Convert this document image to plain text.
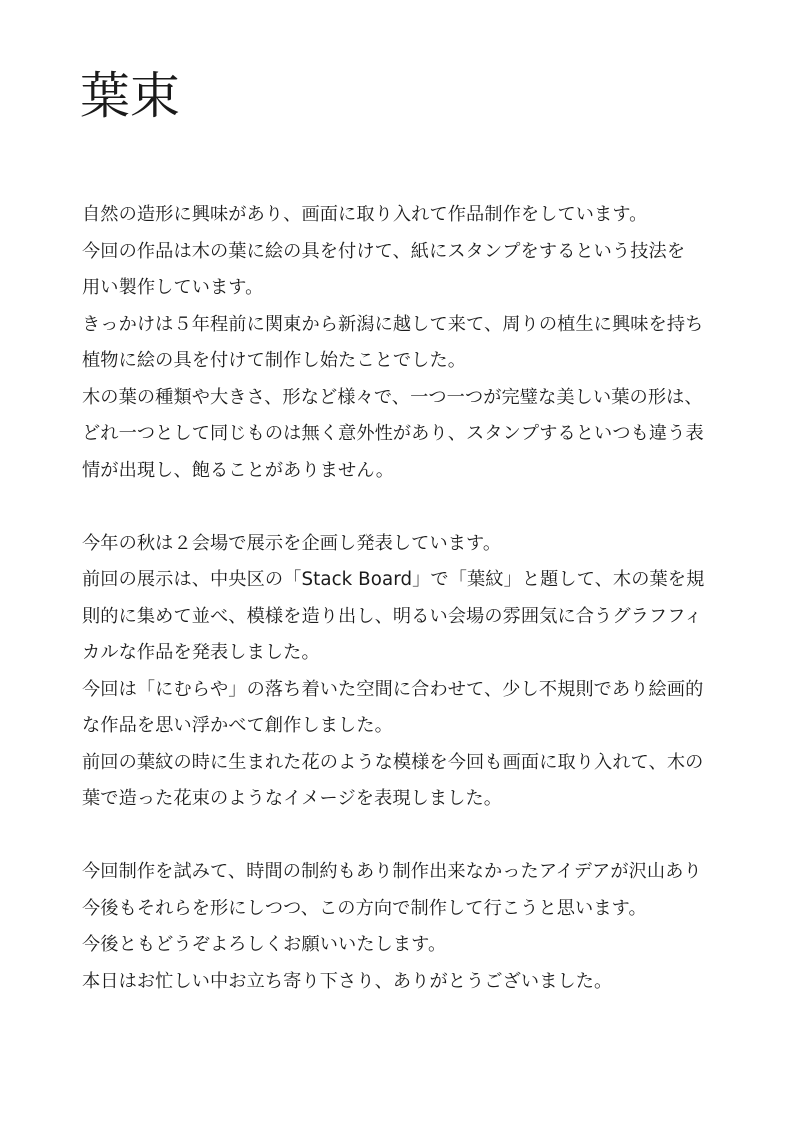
葉束
自然の造形に興味があり、画面に取り入れて作品制作をしています。
今回の作品は木の葉に絵の具を付けて、紙にスタンプをするという技法を
用い製作しています。
きっかけは５年程前に関東から新潟に越して来て、周りの植生に興味を持ち
植物に絵の具を付けて制作し始たことでした。
木の葉の種類や大きさ、形など様々で、一つ一つが完璧な美しい葉の形は、
どれ一つとして同じものは無く意外性があり、スタンプするといつも違う表
情が出現し、飽ることがありません。
今年の秋は２会場で展示を企画し発表しています。
前回の展示は、中央区の「Stack Board」で「葉紋」と題して、木の葉を規
則的に集めて並べ、模様を造り出し、明るい会場の雰囲気に合うグラフフィ
カルな作品を発表しました。
今回は「にむらや」の落ち着いた空間に合わせて、少し不規則であり絵画的
な作品を思い浮かべて創作しました。
前回の葉紋の時に生まれた花のような模様を今回も画面に取り入れて、木の
葉で造った花束のようなイメージを表現しました。
今回制作を試みて、時間の制約もあり制作出来なかったアイデアが沢山あり
今後もそれらを形にしつつ、この方向で制作して行こうと思います。
今後ともどうぞよろしくお願いいたします。
本日はお忙しい中お立ち寄り下さり、ありがとうございました。
